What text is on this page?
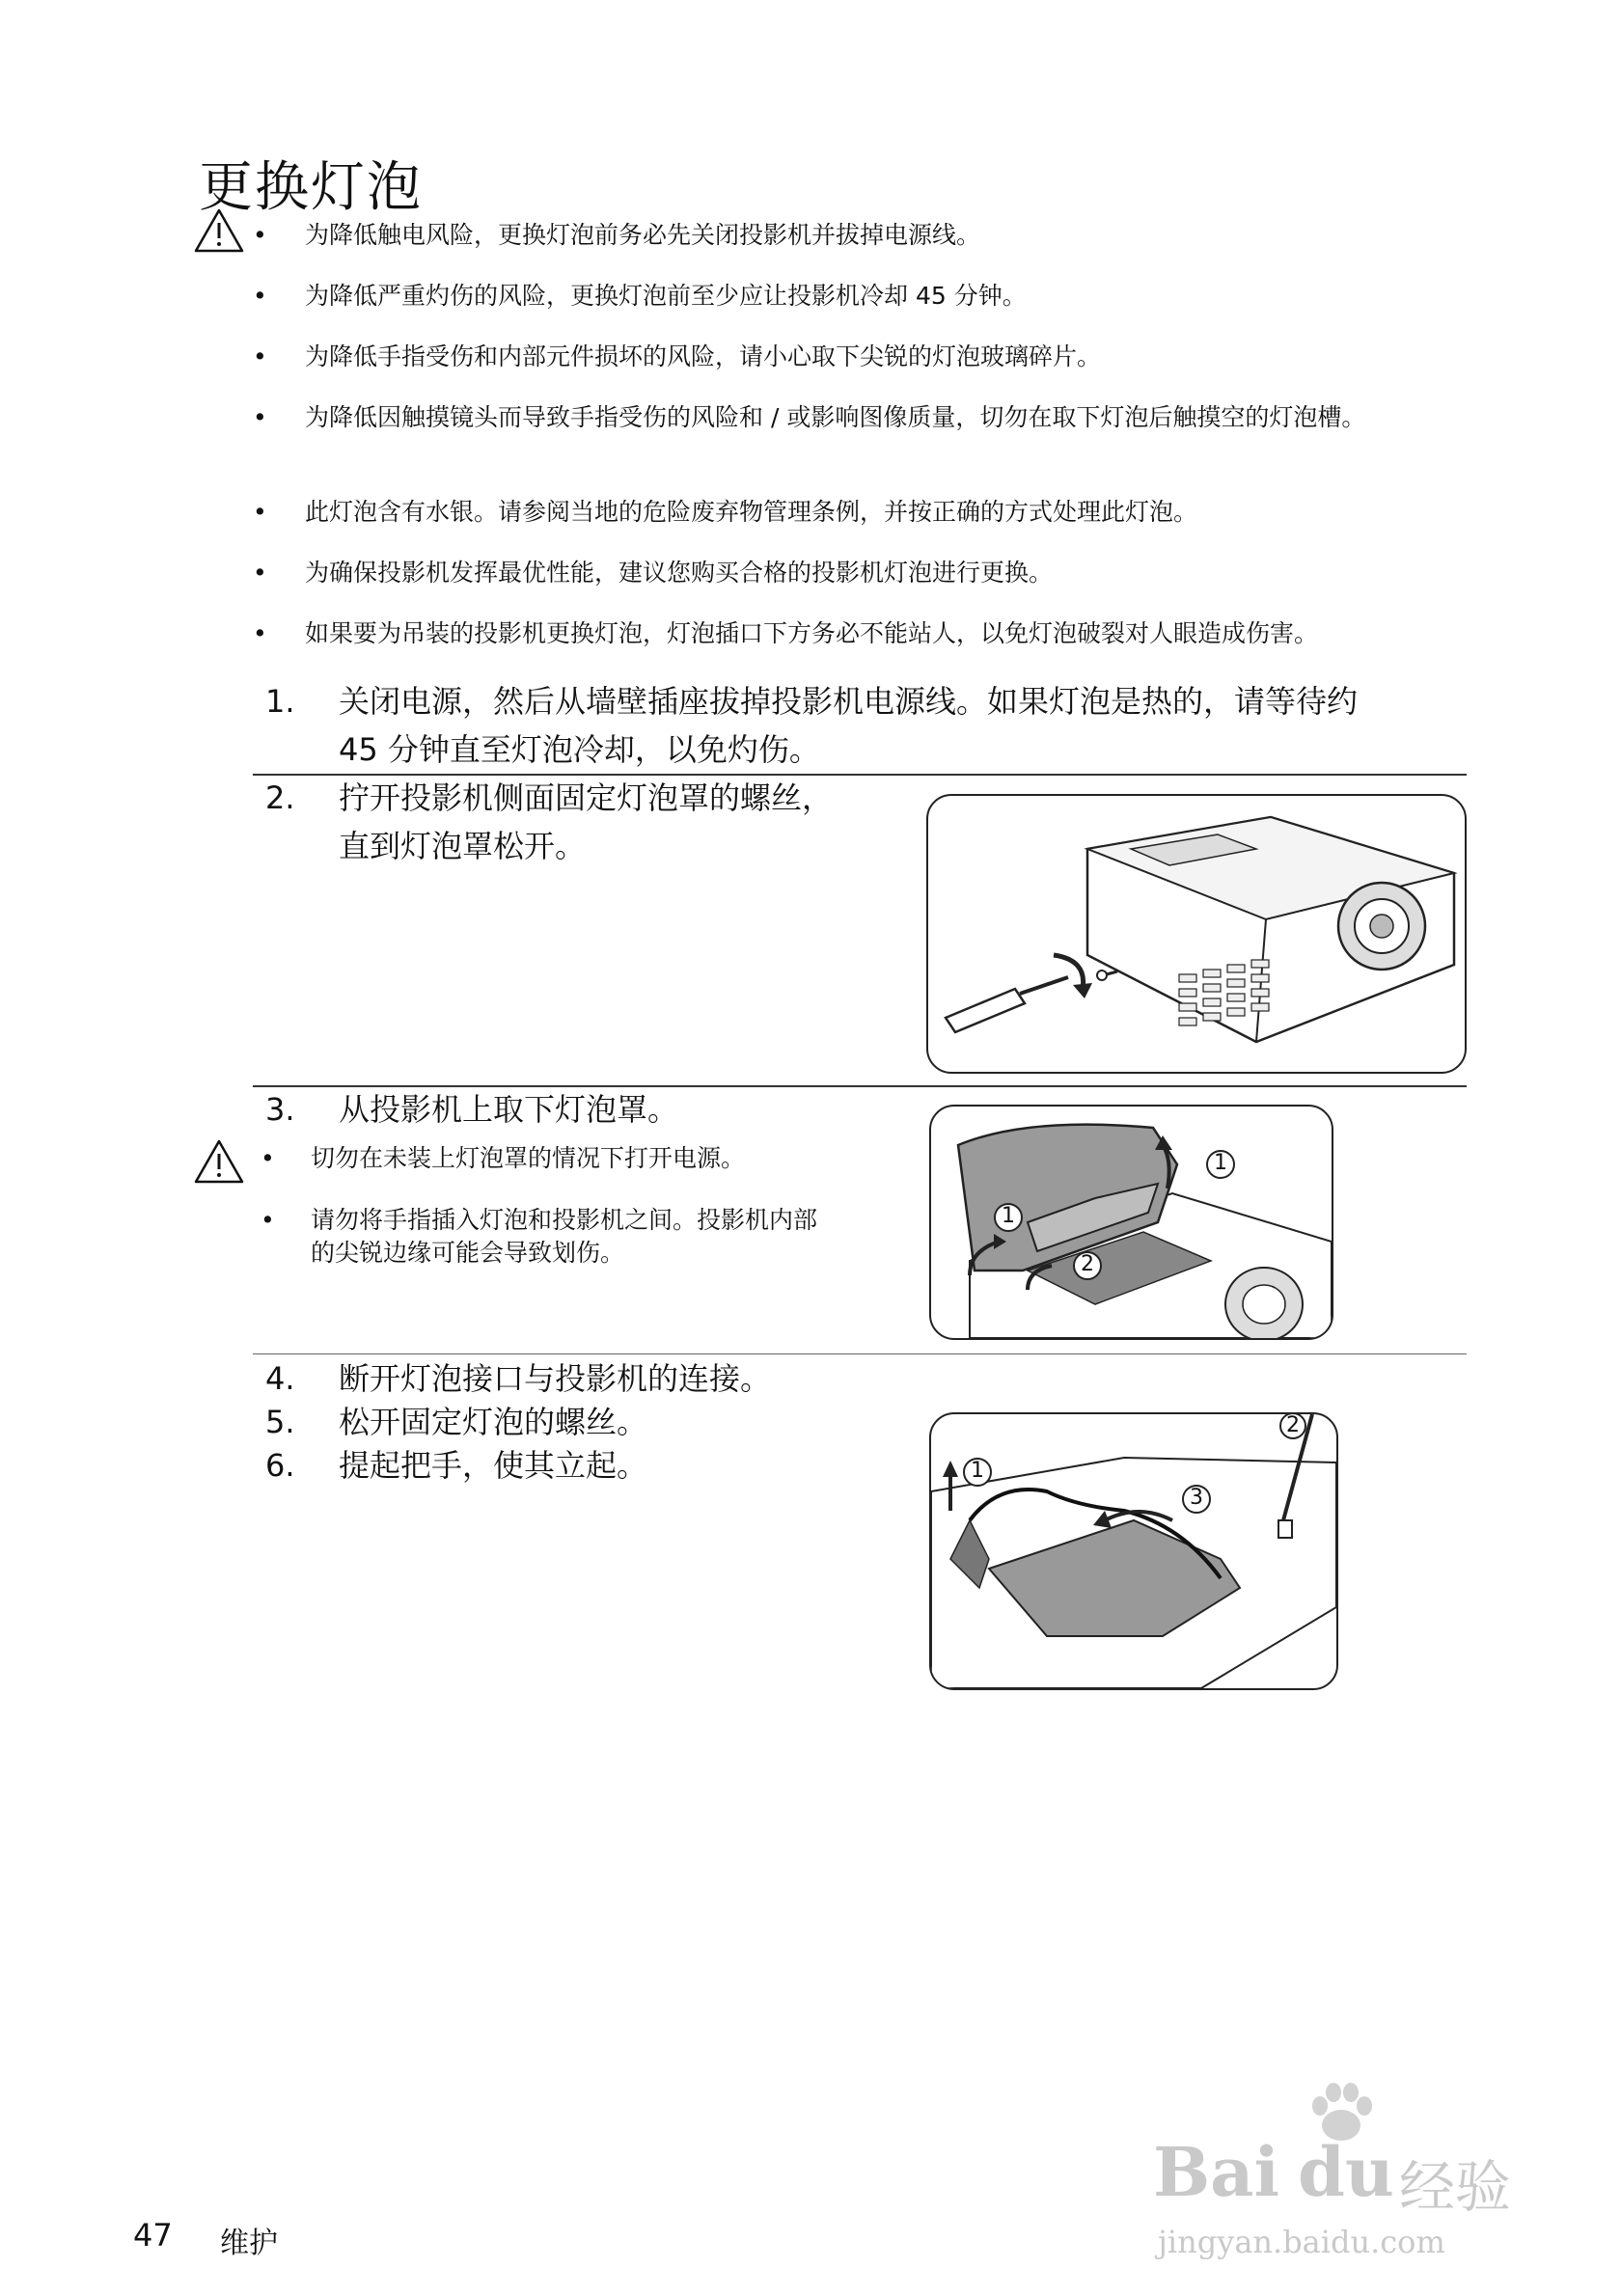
更换灯泡
• 为降低触电风险，更换灯泡前务必先关闭投影机并拔掉电源线。
• 为降低严重灼伤的风险，更换灯泡前至少应让投影机冷却 45 分钟。
• 为降低手指受伤和内部元件损坏的风险，请小心取下尖锐的灯泡玻璃碎片。
• 为降低因触摸镜头而导致手指受伤的风险和 / 或影响图像质量，切勿在取下灯泡后触摸空的灯泡槽。
• 此灯泡含有水银。请参阅当地的危险废弃物管理条例，并按正确的方式处理此灯泡。
• 为确保投影机发挥最优性能，建议您购买合格的投影机灯泡进行更换。
• 如果要为吊装的投影机更换灯泡，灯泡插口下方务必不能站人，以免灯泡破裂对人眼造成伤害。
1. 关闭电源，然后从墙壁插座拔掉投影机电源线。如果灯泡是热的，请等待约
45 分钟直至灯泡冷却，以免灼伤。
2. 拧开投影机侧面固定灯泡罩的螺丝，
直到灯泡罩松开。
3. 从投影机上取下灯泡罩。
• 切勿在未装上灯泡罩的情况下打开电源。
• 请勿将手指插入灯泡和投影机之间。投影机内部
的尖锐边缘可能会导致划伤。
1
1
2
4. 断开灯泡接口与投影机的连接。
5. 松开固定灯泡的螺丝。
6. 提起把手，使其立起。	1
2
3
47 维护
Bai du 经验
jingyan.baidu.com
